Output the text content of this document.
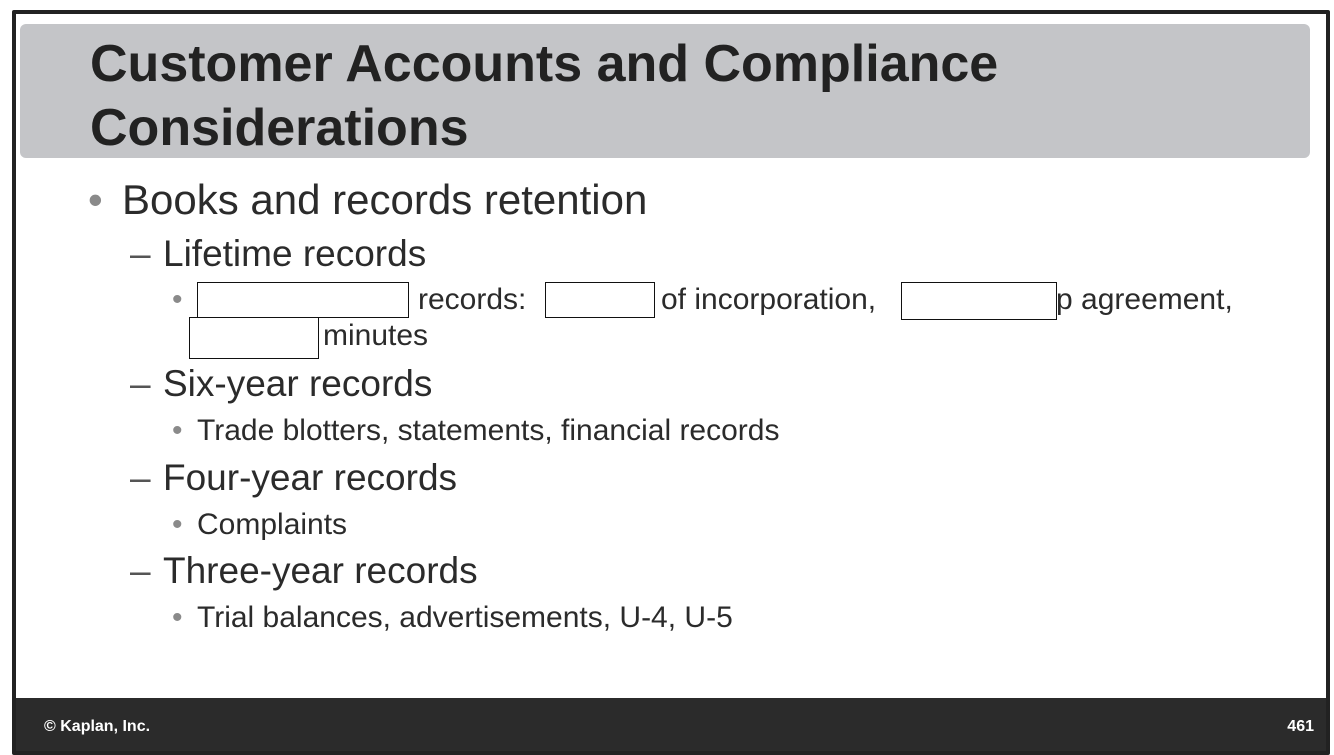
Customer Accounts and Compliance Considerations
• Books and records retention
– Lifetime records
•	records:	of incorporation,	p agreement,
minutes
– Six-year records
• Trade blotters, statements, financial records
– Four-year records
• Complaints
– Three-year records
• Trial balances, advertisements, U-4, U-5
© Kaplan, Inc.	461
